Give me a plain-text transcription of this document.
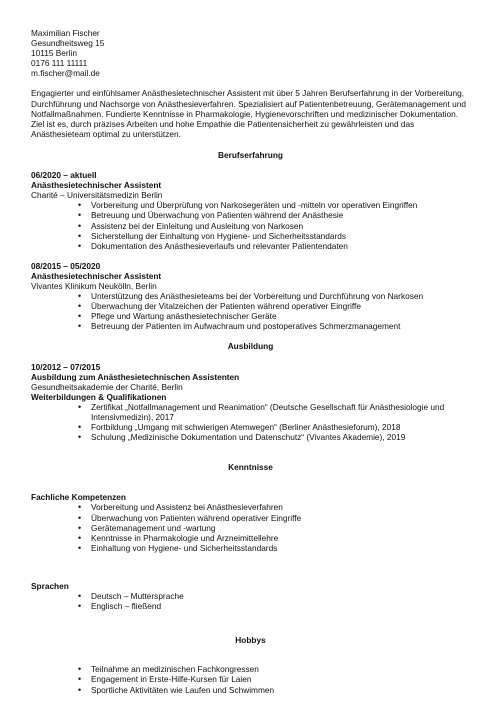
Maximilian Fischer
Gesundheitsweg 15
10115 Berlin
0176 111 11111
m.fischer@mail.de
Engagierter und einfühlsamer Anästhesietechnischer Assistent mit über 5 Jahren Berufserfahrung in der Vorbereitung, Durchführung und Nachsorge von Anästhesieverfahren. Spezialisiert auf Patientenbetreuung, Gerätemanagement und Notfallmaßnahmen. Fundierte Kenntnisse in Pharmakologie, Hygienevorschriften und medizinischer Dokumentation. Ziel ist es, durch präzises Arbeiten und hohe Empathie die Patientensicherheit zu gewährleisten und das Anästhesieteam optimal zu unterstützen.
Berufserfahrung
06/2020 – aktuell
Anästhesietechnischer Assistent
Charité – Universitätsmedizin Berlin
• Vorbereitung und Überprüfung von Narkosegeräten und -mitteln vor operativen Eingriffen
• Betreuung und Überwachung von Patienten während der Anästhesie
• Assistenz bei der Einleitung und Ausleitung von Narkosen
• Sicherstellung der Einhaltung von Hygiene- und Sicherheitsstandards
• Dokumentation des Anästhesieverlaufs und relevanter Patientendaten
08/2015 – 05/2020
Anästhesietechnischer Assistent
Vivantes Klinikum Neukölln, Berlin
• Unterstützung des Anästhesieteams bei der Vorbereitung und Durchführung von Narkosen
• Überwachung der Vitalzeichen der Patienten während operativer Eingriffe
• Pflege und Wartung anästhesietechnischer Geräte
• Betreuung der Patienten im Aufwachraum und postoperatives Schmerzmanagement
Ausbildung
10/2012 – 07/2015
Ausbildung zum Anästhesietechnischen Assistenten
Gesundheitsakademie der Charité, Berlin
Weiterbildungen & Qualifikationen
• Zertifikat „Notfallmanagement und Reanimation“ (Deutsche Gesellschaft für Anästhesiologie und Intensivmedizin), 2017
• Fortbildung „Umgang mit schwierigen Atemwegen“ (Berliner Anästhesieforum), 2018
• Schulung „Medizinische Dokumentation und Datenschutz“ (Vivantes Akademie), 2019
Kenntnisse
Fachliche Kompetenzen
• Vorbereitung und Assistenz bei Anästhesieverfahren
• Überwachung von Patienten während operativer Eingriffe
• Gerätemanagement und -wartung
• Kenntnisse in Pharmakologie und Arzneimittellehre
• Einhaltung von Hygiene- und Sicherheitsstandards
Sprachen
• Deutsch – Muttersprache
• Englisch – fließend
Hobbys
• Teilnahme an medizinischen Fachkongressen
• Engagement in Erste-Hilfe-Kursen für Laien
• Sportliche Aktivitäten wie Laufen und Schwimmen
